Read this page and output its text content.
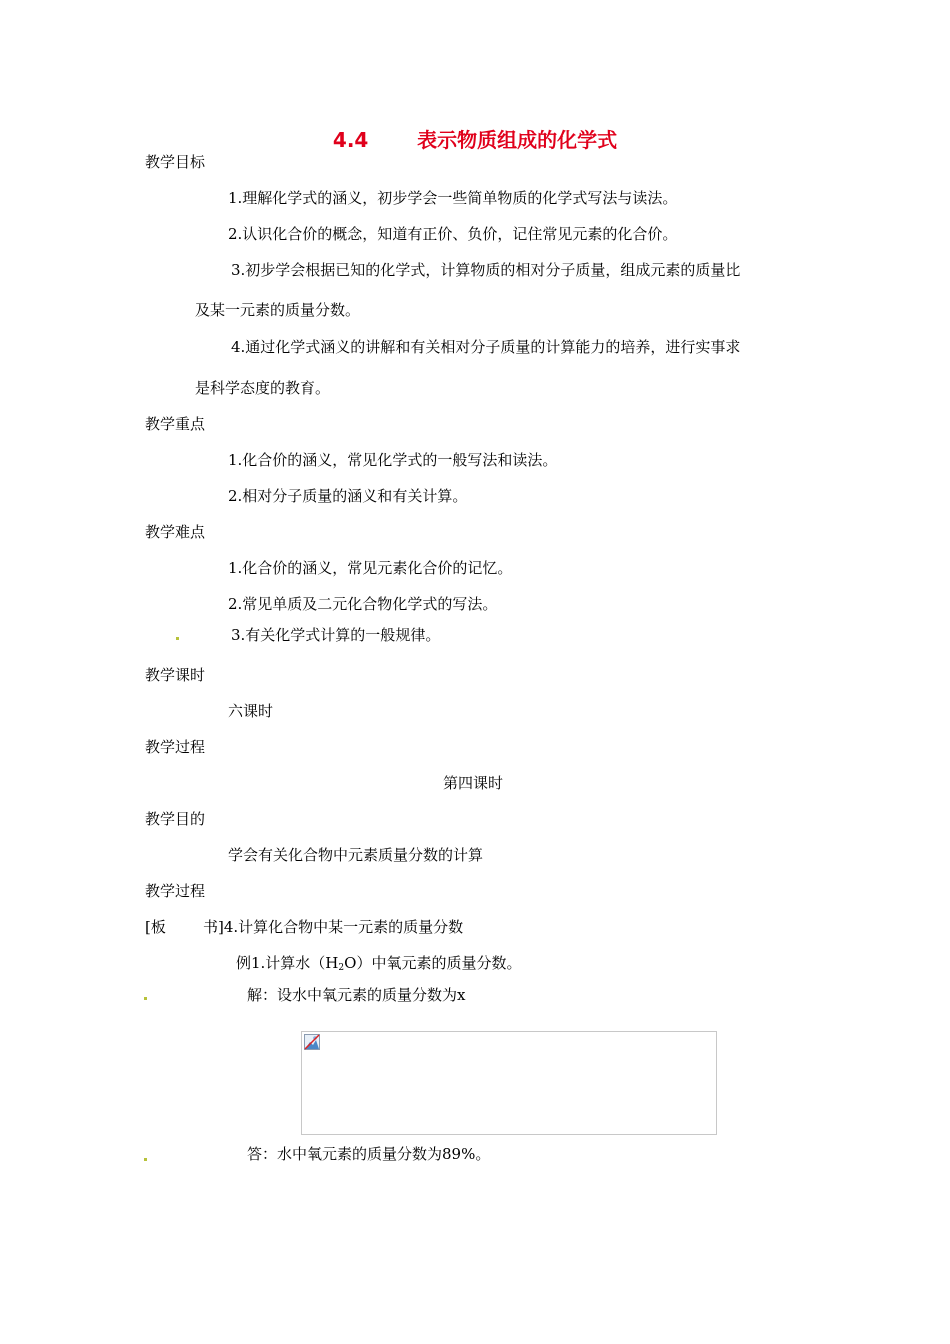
4.4 表示物质组成的化学式
教学目标
1.理解化学式的涵义，初步学会一些简单物质的化学式写法与读法。
2.认识化合价的概念，知道有正价、负价，记住常见元素的化合价。
3.初步学会根据已知的化学式，计算物质的相对分子质量，组成元素的质量比
及某一元素的质量分数。
4.通过化学式涵义的讲解和有关相对分子质量的计算能力的培养，进行实事求
是科学态度的教育。
教学重点
1.化合价的涵义，常见化学式的一般写法和读法。
2.相对分子质量的涵义和有关计算。
教学难点
1.化合价的涵义，常见元素化合价的记忆。
2.常见单质及二元化合物化学式的写法。
3.有关化学式计算的一般规律。
教学课时
六课时
教学过程
第四课时
教学目的
学会有关化合物中元素质量分数的计算
教学过程
[板 书]4.计算化合物中某一元素的质量分数
例1.计算水$(H_2O)$中氧元素的质量分数。
解：设水中氧元素的质量分数为x
答：水中氧元素的质量分数为89%。
